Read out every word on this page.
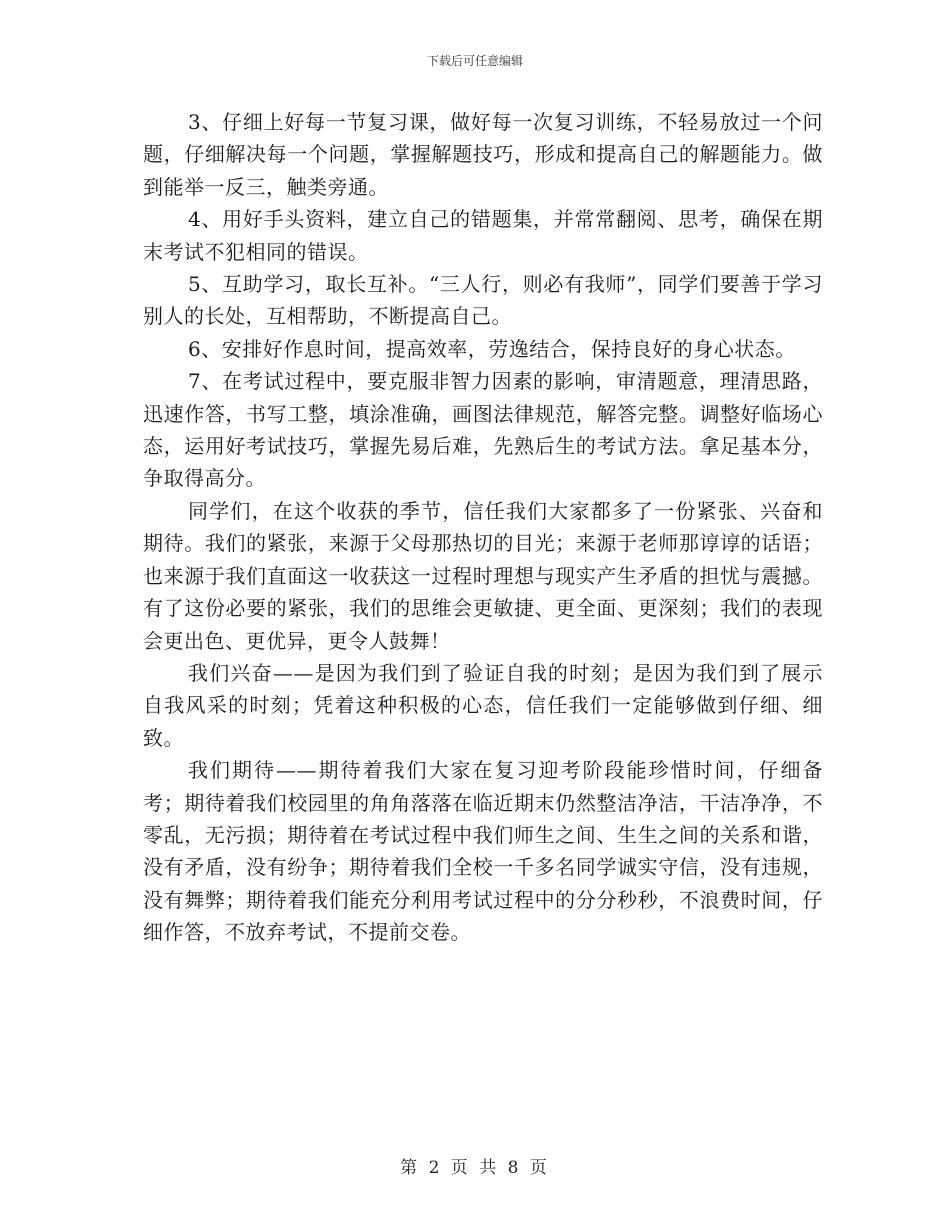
下载后可任意编辑

3、仔细上好每一节复习课，做好每一次复习训练，不轻易放过一个问题，仔细解决每一个问题，掌握解题技巧，形成和提高自己的解题能力。做到能举一反三，触类旁通。

4、用好手头资料，建立自己的错题集，并常常翻阅、思考，确保在期末考试不犯相同的错误。

5、互助学习，取长互补。“三人行，则必有我师”，同学们要善于学习别人的长处，互相帮助，不断提高自己。

6、安排好作息时间，提高效率，劳逸结合，保持良好的身心状态。

7、在考试过程中，要克服非智力因素的影响，审清题意，理清思路，迅速作答，书写工整，填涂准确，画图法律规范，解答完整。调整好临场心态，运用好考试技巧，掌握先易后难，先熟后生的考试方法。拿足基本分，争取得高分。

同学们，在这个收获的季节，信任我们大家都多了一份紧张、兴奋和期待。我们的紧张，来源于父母那热切的目光；来源于老师那谆谆的话语；也来源于我们直面这一收获这一过程时理想与现实产生矛盾的担忧与震撼。有了这份必要的紧张，我们的思维会更敏捷、更全面、更深刻；我们的表现会更出色、更优异，更令人鼓舞！

我们兴奋——是因为我们到了验证自我的时刻；是因为我们到了展示自我风采的时刻；凭着这种积极的心态，信任我们一定能够做到仔细、细致。

我们期待——期待着我们大家在复习迎考阶段能珍惜时间，仔细备考；期待着我们校园里的角角落落在临近期末仍然整洁净洁，干洁净净，不零乱，无污损；期待着在考试过程中我们师生之间、生生之间的关系和谐，没有矛盾，没有纷争；期待着我们全校一千多名同学诚实守信，没有违规，没有舞弊；期待着我们能充分利用考试过程中的分分秒秒，不浪费时间，仔细作答，不放弃考试，不提前交卷。

第 2 页 共 8 页
